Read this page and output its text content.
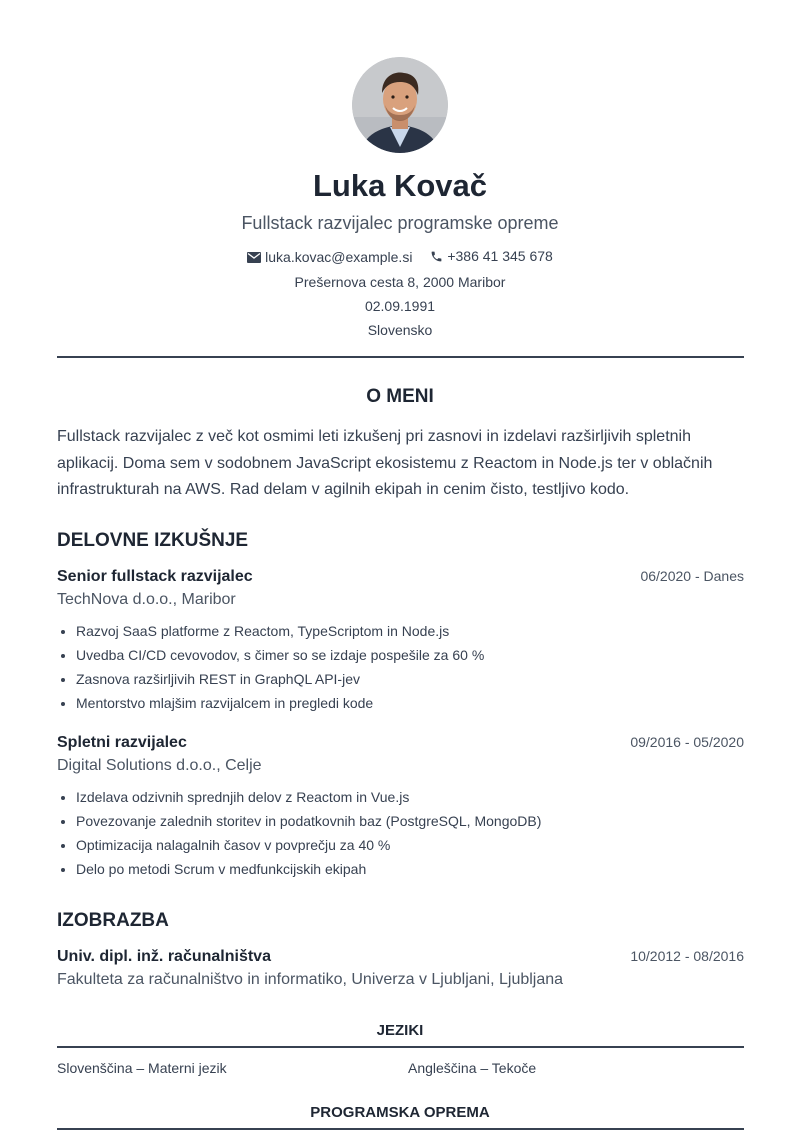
Luka Kovač
Fullstack razvijalec programske opreme
luka.kovac@example.si
+386 41 345 678
Prešernova cesta 8, 2000 Maribor
02.09.1991
Slovensko
O MENI
Fullstack razvijalec z več kot osmimi leti izkušenj pri zasnovi in izdelavi razširljivih spletnih aplikacij. Doma sem v sodobnem JavaScript ekosistemu z Reactom in Node.js ter v oblačnih infrastrukturah na AWS. Rad delam v agilnih ekipah in cenim čisto, testljivo kodo.
DELOVNE IZKUŠNJE
Senior fullstack razvijalec	06/2020 - Danes
TechNova d.o.o., Maribor
• Razvoj SaaS platforme z Reactom, TypeScriptom in Node.js
• Uvedba CI/CD cevovodov, s čimer so se izdaje pospešile za 60 %
• Zasnova razširljivih REST in GraphQL API-jev
• Mentorstvo mlajšim razvijalcem in pregledi kode
Spletni razvijalec	09/2016 - 05/2020
Digital Solutions d.o.o., Celje
• Izdelava odzivnih sprednjih delov z Reactom in Vue.js
• Povezovanje zalednih storitev in podatkovnih baz (PostgreSQL, MongoDB)
• Optimizacija nalagalnih časov v povprečju za 40 %
• Delo po metodi Scrum v medfunkcijskih ekipah
IZOBRAZBA
Univ. dipl. inž. računalništva	10/2012 - 08/2016
Fakulteta za računalništvo in informatiko, Univerza v Ljubljani, Ljubljana
JEZIKI
Slovenščina – Materni jezik	Angleščina – Tekoče
PROGRAMSKA OPREMA
